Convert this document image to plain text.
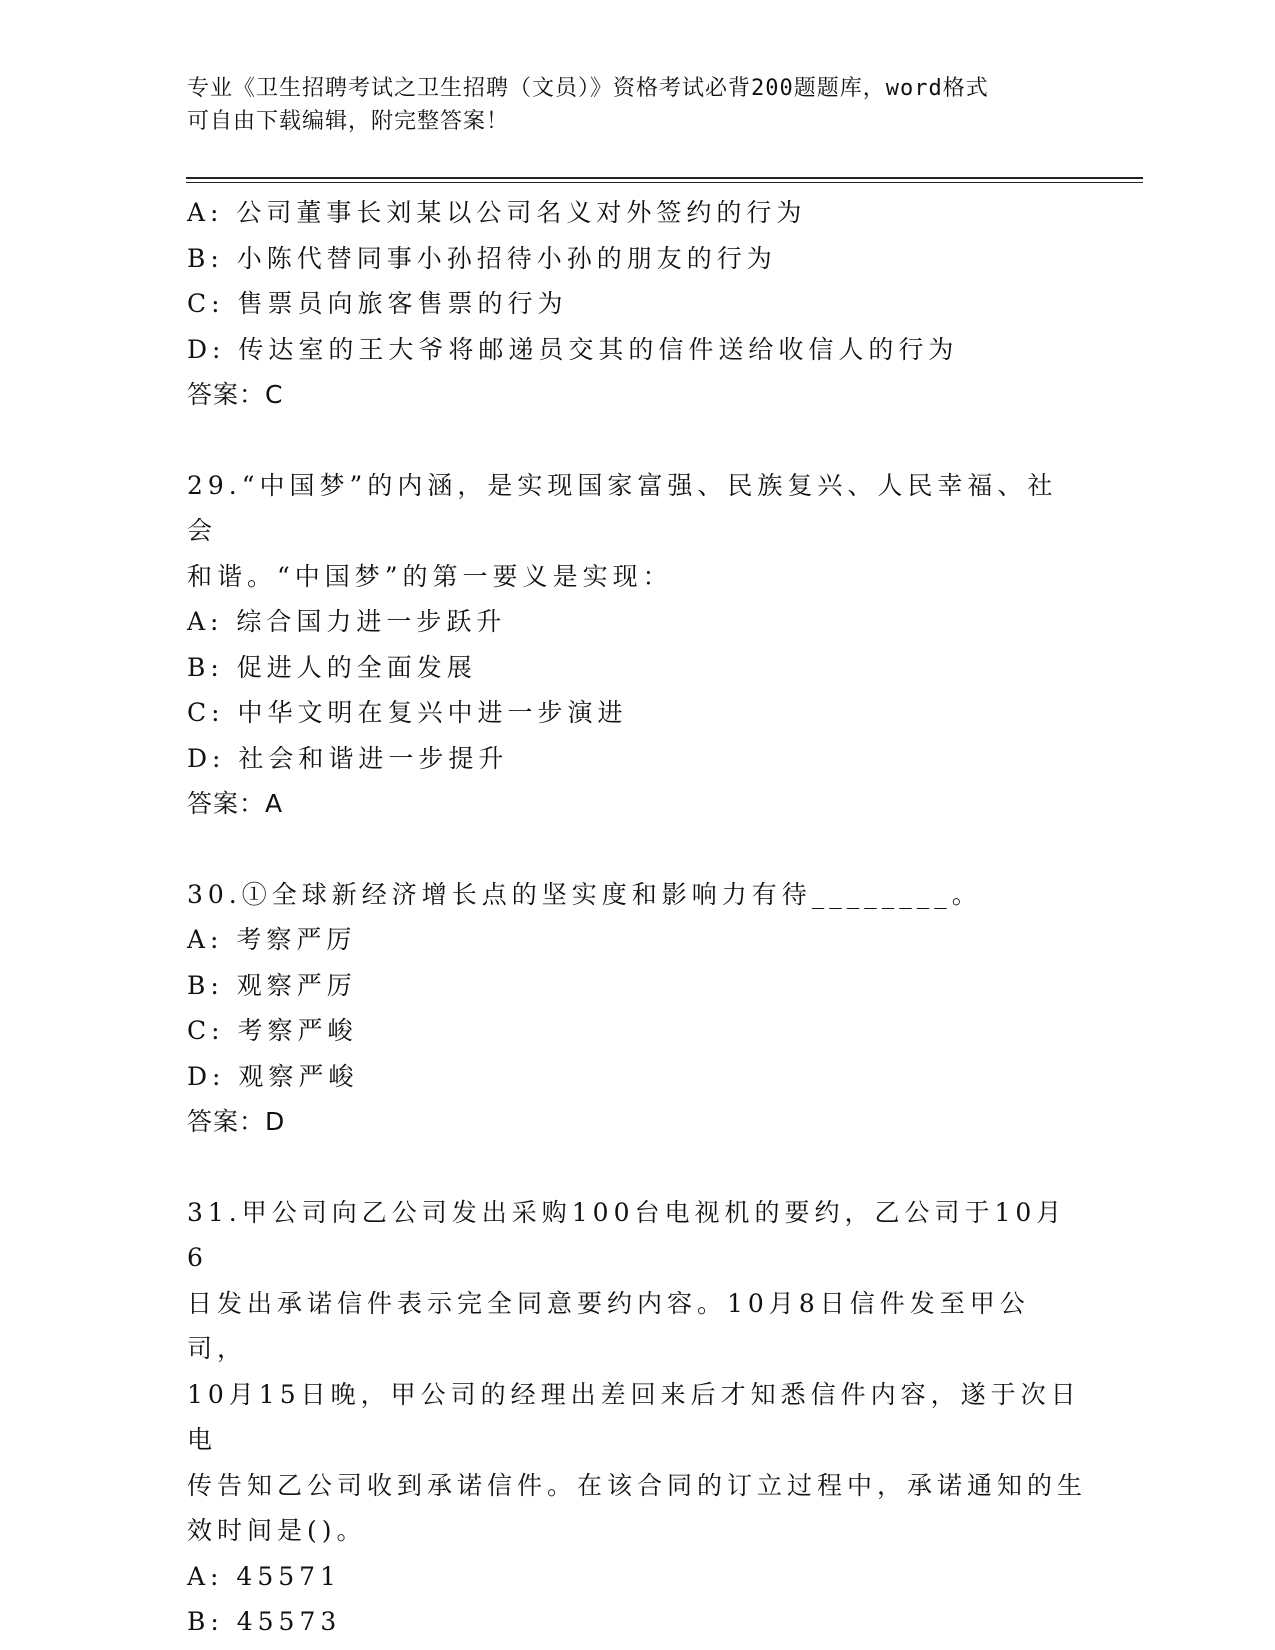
专业《卫生招聘考试之卫生招聘（文员）》资格考试必背200题题库，word格式
可自由下载编辑，附完整答案！
A: 公司董事长刘某以公司名义对外签约的行为
B: 小陈代替同事小孙招待小孙的朋友的行为
C: 售票员向旅客售票的行为
D: 传达室的王大爷将邮递员交其的信件送给收信人的行为
答案：C
29.“中国梦”的内涵，是实现国家富强、民族复兴、人民幸福、社会
和谐。“中国梦”的第一要义是实现：
A: 综合国力进一步跃升
B: 促进人的全面发展
C: 中华文明在复兴中进一步演进
D: 社会和谐进一步提升
答案：A
30.①全球新经济增长点的坚实度和影响力有待________。
A: 考察严厉
B: 观察严厉
C: 考察严峻
D: 观察严峻
答案：D
31.甲公司向乙公司发出采购100台电视机的要约，乙公司于10月6
日发出承诺信件表示完全同意要约内容。10月8日信件发至甲公司，
10月15日晚，甲公司的经理出差回来后才知悉信件内容，遂于次日电
传告知乙公司收到承诺信件。在该合同的订立过程中，承诺通知的生
效时间是()。
A: 45571
B: 45573
